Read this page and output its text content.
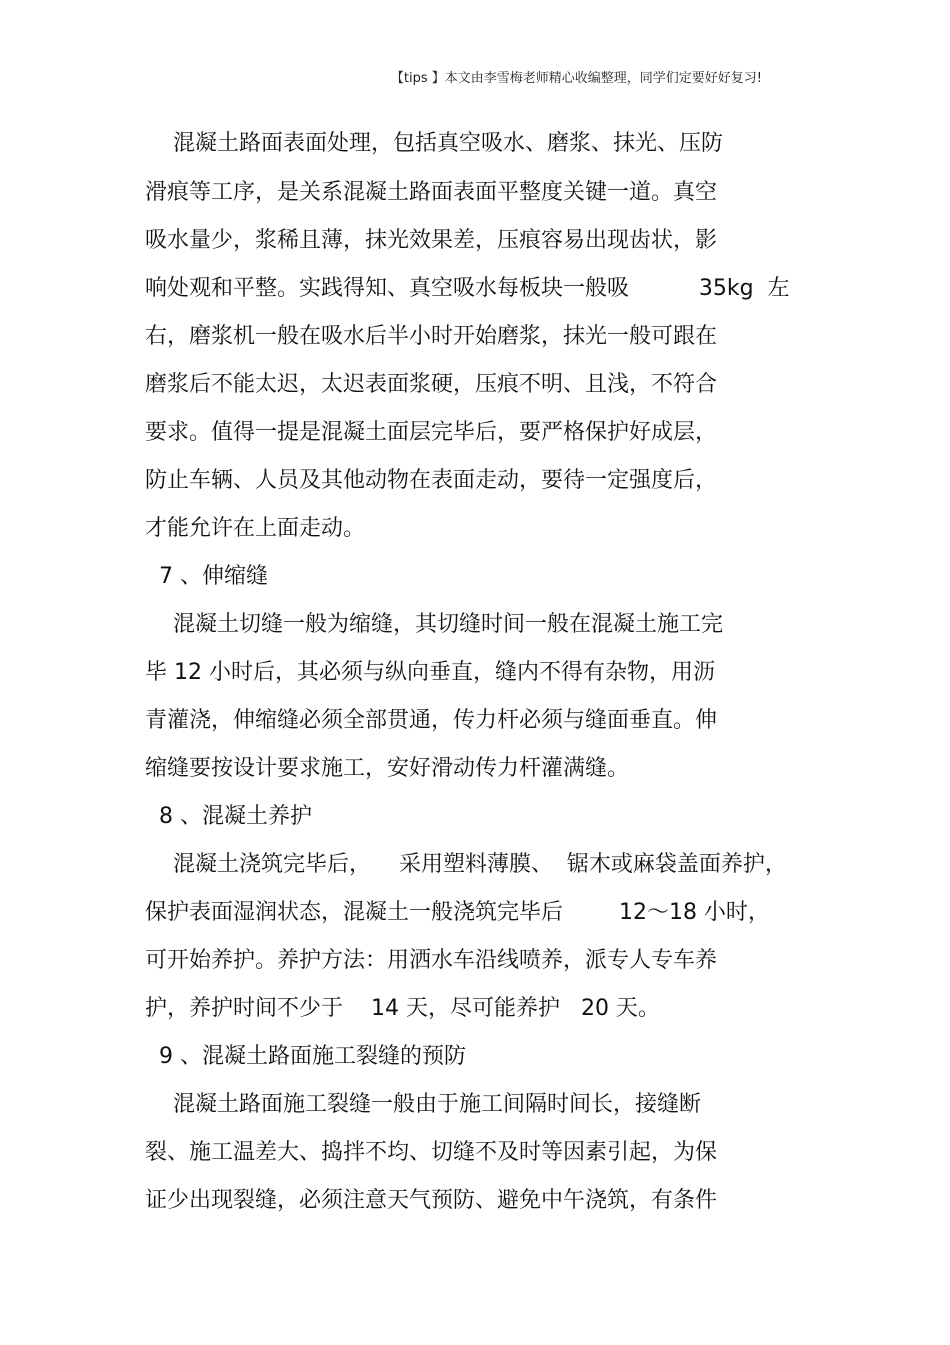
【tips 】本文由李雪梅老师精心收编整理，同学们定要好好复习!
混凝土路面表面处理，包括真空吸水、磨浆、抹光、压防
滑痕等工序，是关系混凝土路面表面平整度关键一道。真空
吸水量少，浆稀且薄，抹光效果差，压痕容易出现齿状，影
响处观和平整。实践得知、真空吸水每板块一般吸          35kg  左
右，磨浆机一般在吸水后半小时开始磨浆，抹光一般可跟在
磨浆后不能太迟，太迟表面浆硬，压痕不明、且浅，不符合
要求。值得一提是混凝土面层完毕后，要严格保护好成层，
防止车辆、人员及其他动物在表面走动，要待一定强度后，
才能允许在上面走动。
7 、伸缩缝
混凝土切缝一般为缩缝，其切缝时间一般在混凝土施工完
毕 12 小时后，其必须与纵向垂直，缝内不得有杂物，用沥
青灌浇，伸缩缝必须全部贯通，传力杆必须与缝面垂直。伸
缩缝要按设计要求施工，安好滑动传力杆灌满缝。
8 、混凝土养护
混凝土浇筑完毕后，    采用塑料薄膜、  锯木或麻袋盖面养护，
保护表面湿润状态，混凝土一般浇筑完毕后        12～18 小时，
可开始养护。养护方法：用洒水车沿线喷养，派专人专车养
护，养护时间不少于    14 天，尽可能养护   20 天。
9 、混凝土路面施工裂缝的预防
混凝土路面施工裂缝一般由于施工间隔时间长，接缝断
裂、施工温差大、捣拌不均、切缝不及时等因素引起，为保
证少出现裂缝，必须注意天气预防、避免中午浇筑，有条件
